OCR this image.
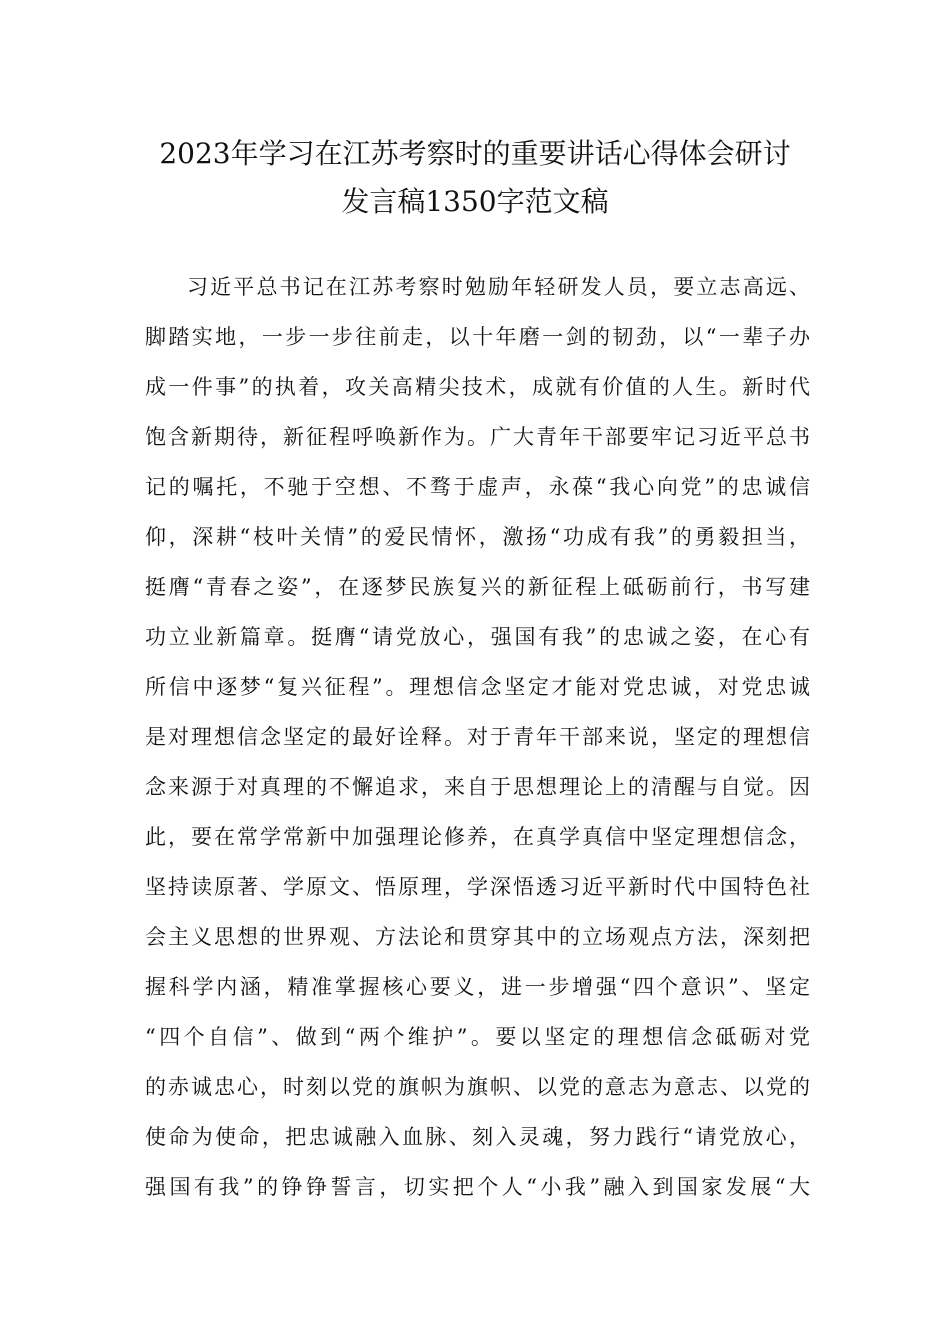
2023年学习在江苏考察时的重要讲话心得体会研讨
发言稿1350字范文稿
习近平总书记在江苏考察时勉励年轻研发人员，要立志高远、
脚踏实地，一步一步往前走，以十年磨一剑的韧劲，以“一辈子办
成一件事”的执着，攻关高精尖技术，成就有价值的人生。新时代
饱含新期待，新征程呼唤新作为。广大青年干部要牢记习近平总书
记的嘱托，不驰于空想、不骛于虚声，永葆“我心向党”的忠诚信
仰，深耕“枝叶关情”的爱民情怀，激扬“功成有我”的勇毅担当，
挺膺“青春之姿”，在逐梦民族复兴的新征程上砥砺前行，书写建
功立业新篇章。挺膺“请党放心，强国有我”的忠诚之姿，在心有
所信中逐梦“复兴征程”。理想信念坚定才能对党忠诚，对党忠诚
是对理想信念坚定的最好诠释。对于青年干部来说，坚定的理想信
念来源于对真理的不懈追求，来自于思想理论上的清醒与自觉。因
此，要在常学常新中加强理论修养，在真学真信中坚定理想信念，
坚持读原著、学原文、悟原理，学深悟透习近平新时代中国特色社
会主义思想的世界观、方法论和贯穿其中的立场观点方法，深刻把
握科学内涵，精准掌握核心要义，进一步增强“四个意识”、坚定
“四个自信”、做到“两个维护”。要以坚定的理想信念砥砺对党
的赤诚忠心，时刻以党的旗帜为旗帜、以党的意志为意志、以党的
使命为使命，把忠诚融入血脉、刻入灵魂，努力践行“请党放心，
强国有我”的铮铮誓言，切实把个人“小我”融入到国家发展“大
